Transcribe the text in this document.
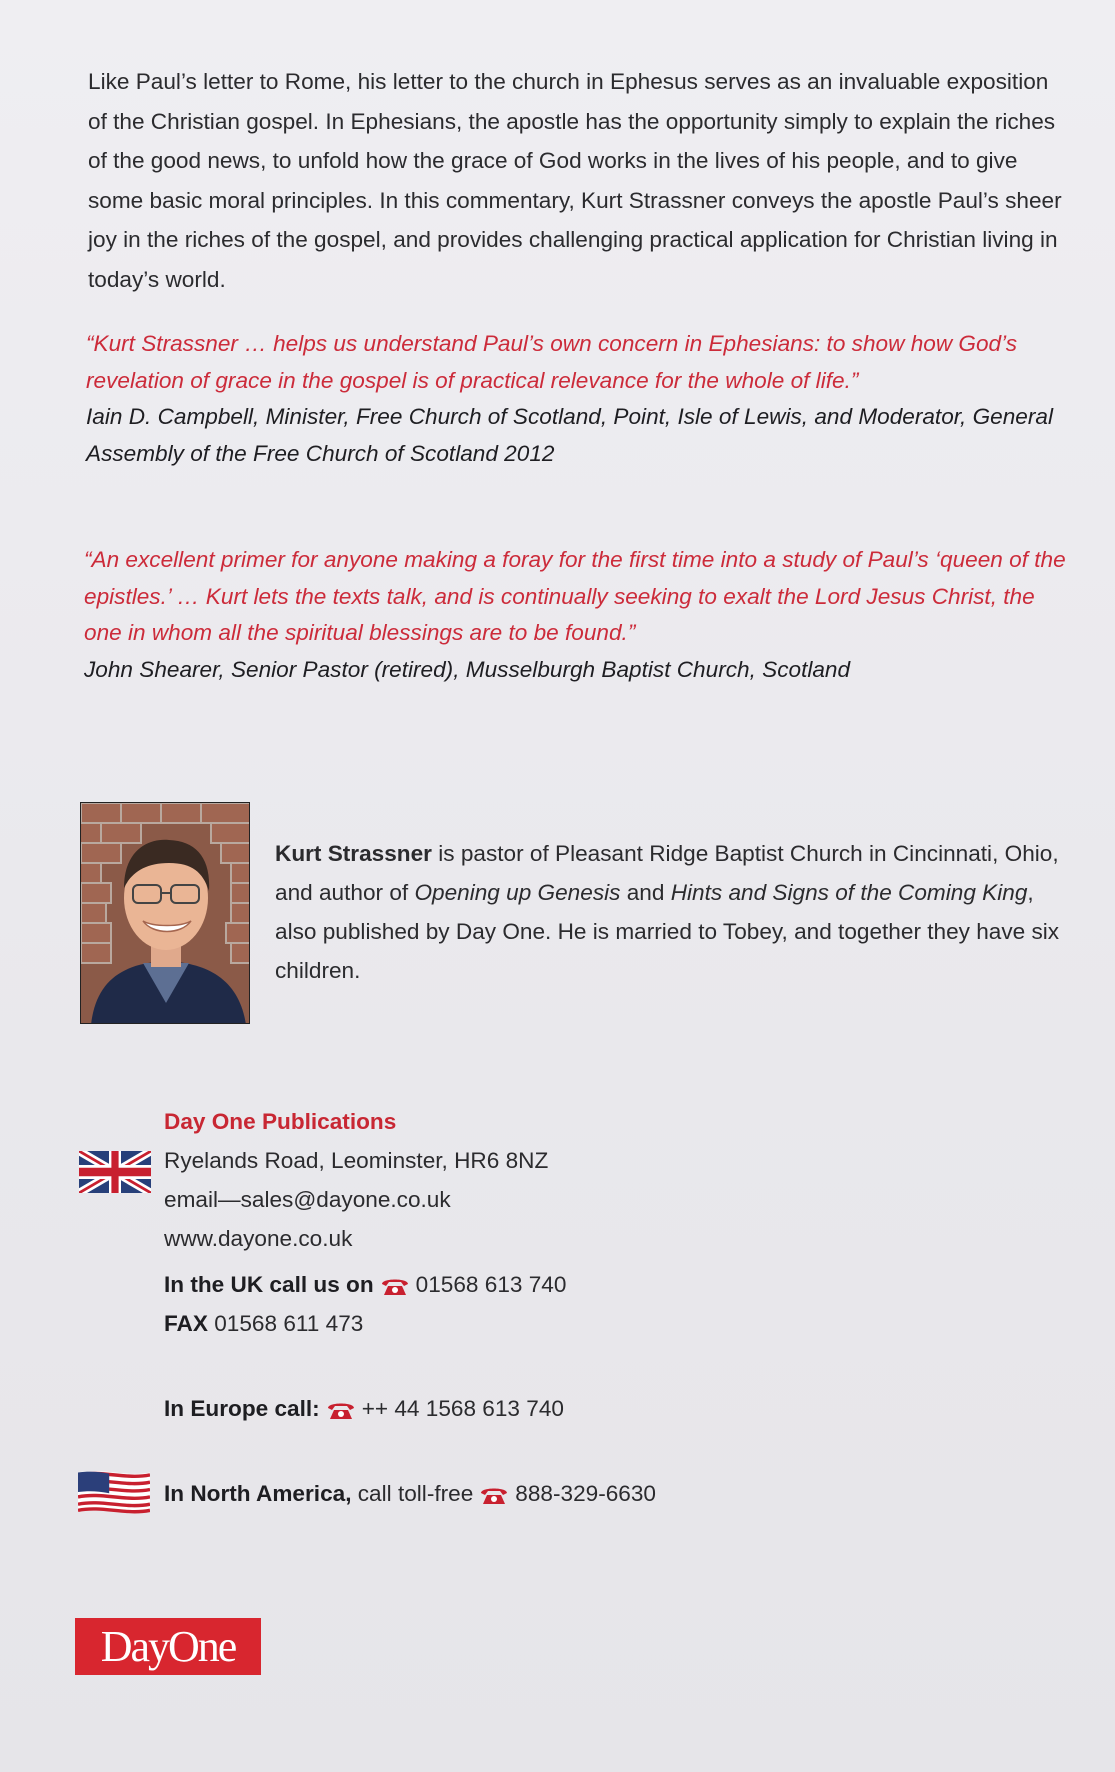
Like Paul’s letter to Rome, his letter to the church in Ephesus serves as an invaluable exposition of the Christian gospel. In Ephesians, the apostle has the opportunity simply to explain the riches of the good news, to unfold how the grace of God works in the lives of his people, and to give some basic moral principles. In this commentary, Kurt Strassner conveys the apostle Paul’s sheer joy in the riches of the gospel, and provides challenging practical application for Christian living in today’s world.
“Kurt Strassner … helps us understand Paul’s own concern in Ephesians: to show how God’s revelation of grace in the gospel is of practical relevance for the whole of life.”
Iain D. Campbell, Minister, Free Church of Scotland, Point, Isle of Lewis, and Moderator, General Assembly of the Free Church of Scotland 2012
“An excellent primer for anyone making a foray for the first time into a study of Paul’s ‘queen of the epistles.’ … Kurt lets the texts talk, and is continually seeking to exalt the Lord Jesus Christ, the one in whom all the spiritual blessings are to be found.”
John Shearer, Senior Pastor (retired), Musselburgh Baptist Church, Scotland
Kurt Strassner is pastor of Pleasant Ridge Baptist Church in Cincinnati, Ohio, and author of Opening up Genesis and Hints and Signs of the Coming King, also published by Day One. He is married to Tobey, and together they have six children.
Day One Publications
Ryelands Road, Leominster, HR6 8NZ
email—sales@dayone.co.uk
www.dayone.co.uk
In the UK call us on 01568 613 740
FAX 01568 611 473
In Europe call: ++ 44 1568 613 740
In North America, call toll-free 888-329-6630
DayOne
